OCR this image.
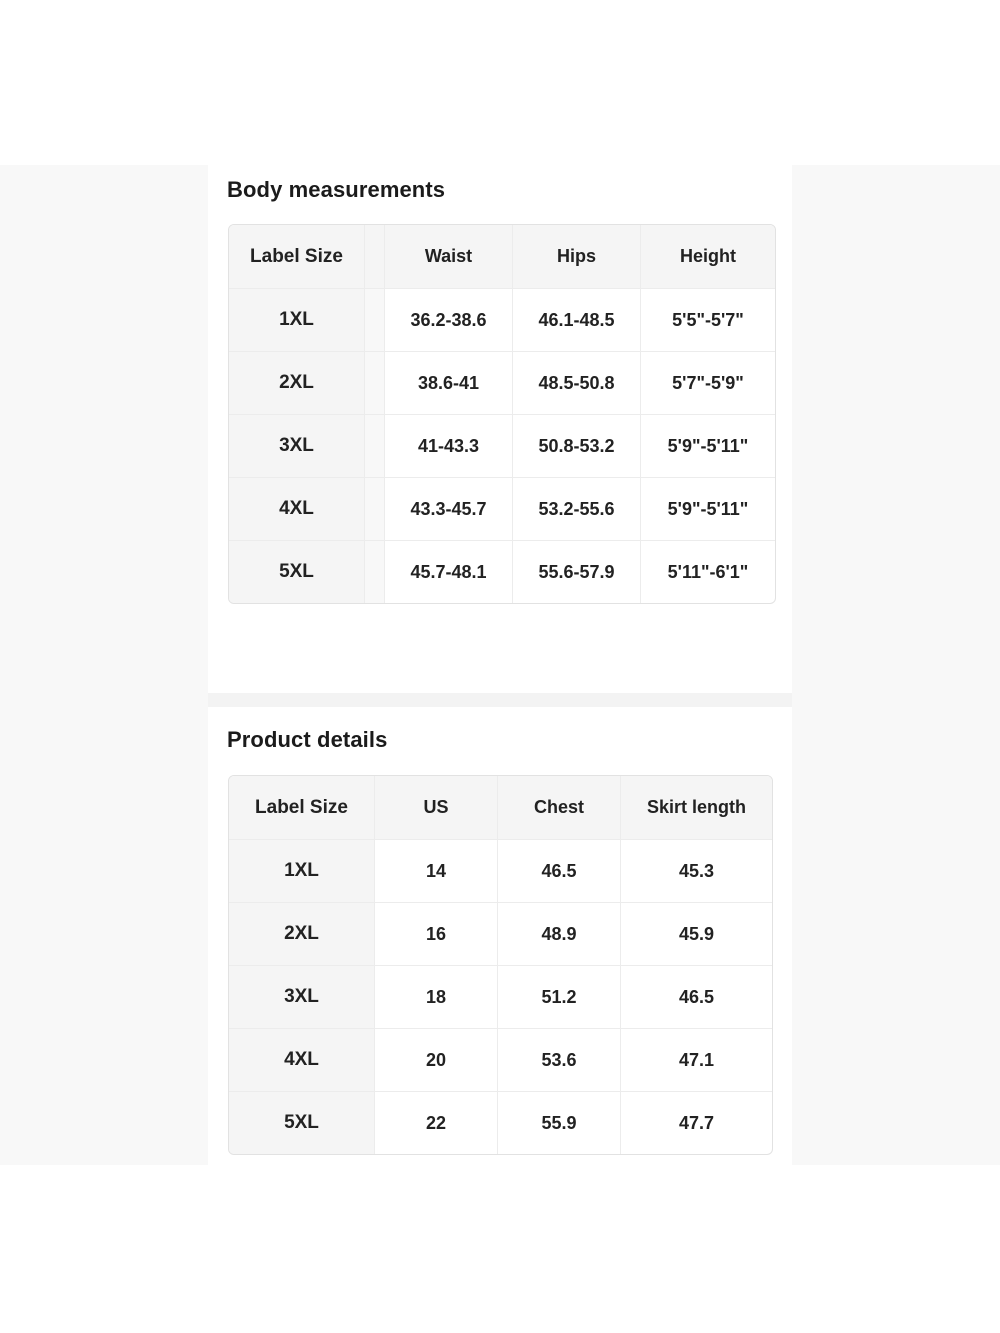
Body measurements
Label Size		Waist	Hips	Height
1XL		36.2-38.6	46.1-48.5	5'5"-5'7"
2XL		38.6-41	48.5-50.8	5'7"-5'9"
3XL		41-43.3	50.8-53.2	5'9"-5'11"
4XL		43.3-45.7	53.2-55.6	5'9"-5'11"
5XL		45.7-48.1	55.6-57.9	5'11"-6'1"
Product details
Label Size	US	Chest	Skirt length
1XL	14	46.5	45.3
2XL	16	48.9	45.9
3XL	18	51.2	46.5
4XL	20	53.6	47.1
5XL	22	55.9	47.7
